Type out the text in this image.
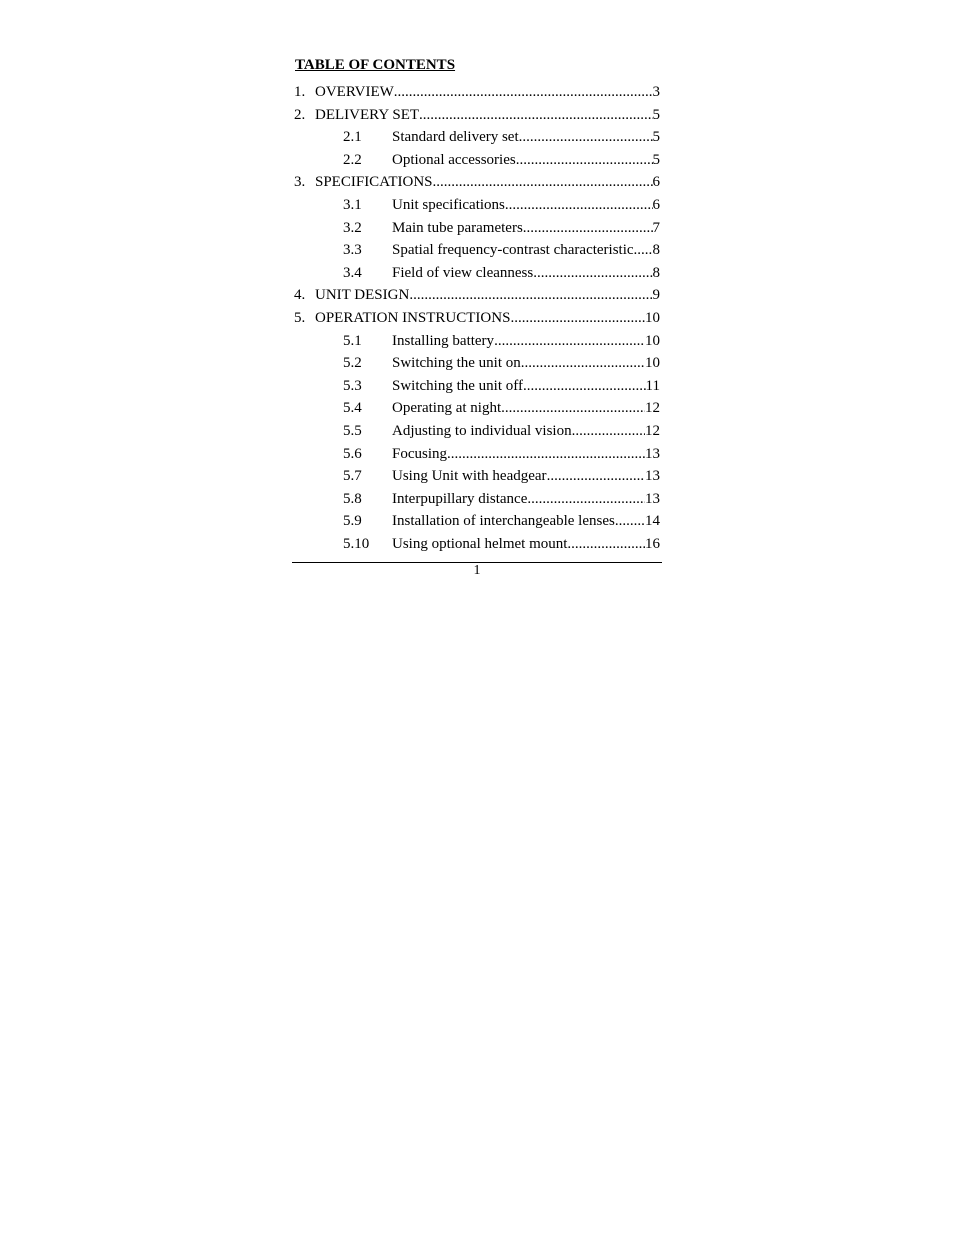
TABLE OF CONTENTS
1. OVERVIEW .....	3
2. DELIVERY SET .....	5
2.1 Standard delivery set .....	5
2.2 Optional accessories .....	5
3. SPECIFICATIONS .....	6
3.1 Unit specifications .....	6
3.2 Main tube parameters .....	7
3.3 Spatial frequency-contrast characteristic ..... 8
3.4 Field of view cleanness .....	8
4. UNIT DESIGN .....	9
5. OPERATION INSTRUCTIONS .....	10
5.1 Installing battery .....	10
5.2 Switching the unit on .....	10
5.3 Switching the unit off .....	11
5.4 Operating at night .....	12
5.5 Adjusting to individual vision .....	12
5.6 Focusing .....	13
5.7 Using Unit with headgear .....	13
5.8 Interpupillary distance .....	13
5.9 Installation of interchangeable lenses ..... 14
5.10 Using optional helmet mount .....	16
1
